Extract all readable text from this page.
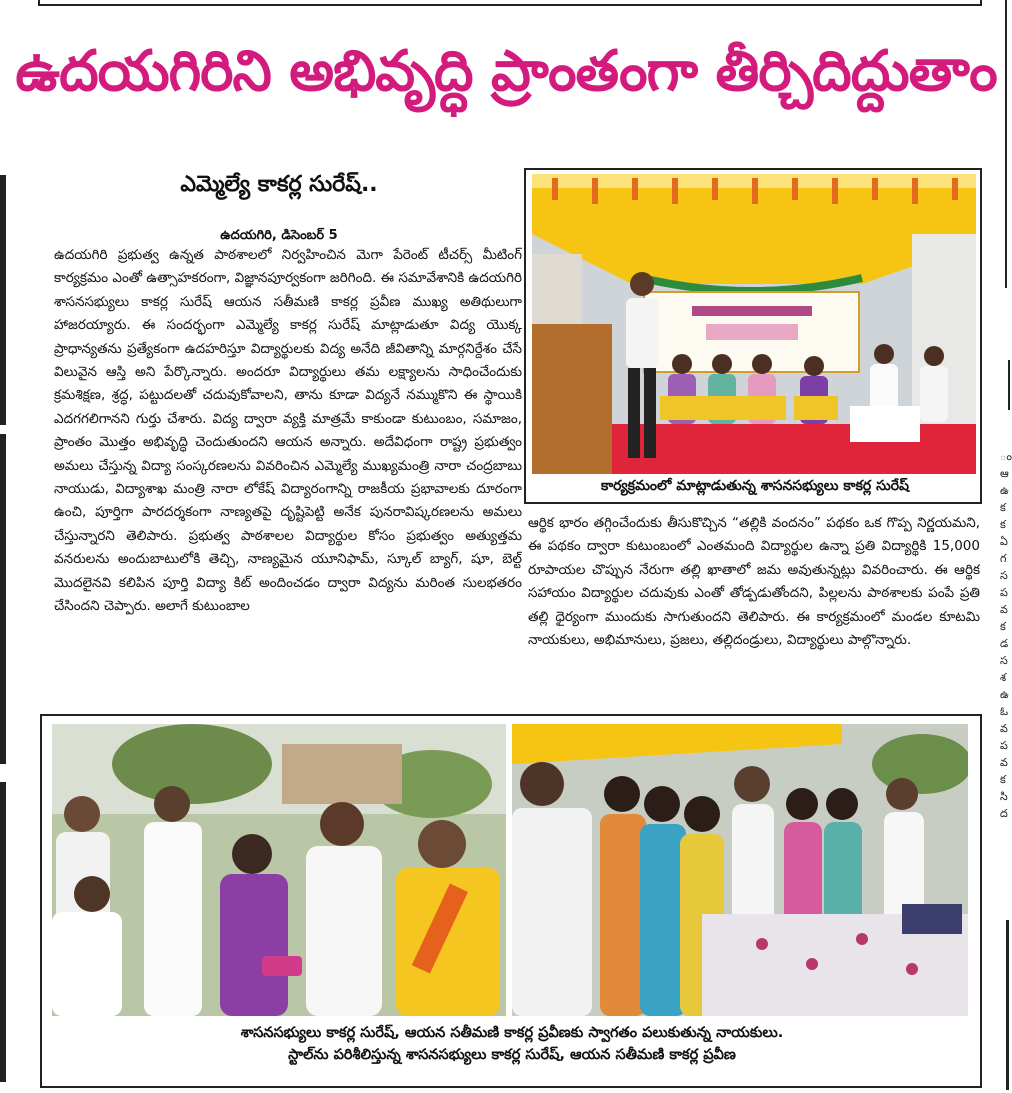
ం ఆ ఉ క క ఏ గ స ప వ క డ స శ ఉ ఓ వ ప వ క సి ద
ఉదయగిరిని అభివృద్ధి ప్రాంతంగా తీర్చిదిద్దుతాం
ఎమ్మెల్యే కాకర్ల సురేష్..
ఉదయగిరి, డిసెంబర్ 5
ఉదయగిరి ప్రభుత్వ ఉన్నత పాఠశాలలో నిర్వహించిన మెగా పేరెంట్ టీచర్స్ మీటింగ్ కార్యక్రమం ఎంతో ఉత్సాహకరంగా, విజ్ఞానపూర్వకంగా జరిగింది. ఈ సమావేశానికి ఉదయగిరి శాసనసభ్యులు కాకర్ల సురేష్ ఆయన సతీమణి కాకర్ల ప్రవీణ ముఖ్య అతిథులుగా హాజరయ్యారు. ఈ సందర్భంగా ఎమ్మెల్యే కాకర్ల సురేష్ మాట్లాడుతూ విద్య యొక్క ప్రాధాన్యతను ప్రత్యేకంగా ఉదహరిస్తూ విద్యార్థులకు విద్య అనేది జీవితాన్ని మార్గనిర్దేశం చేసే విలువైన ఆస్తి అని పేర్కొన్నారు. అందరూ విద్యార్థులు తమ లక్ష్యాలను సాధించేందుకు క్రమశిక్షణ, శ్రద్ధ, పట్టుదలతో చదువుకోవాలని, తాను కూడా విద్యనే నమ్ముకొని ఈ స్థాయికి ఎదగగలిగానని గుర్తు చేశారు. విద్య ద్వారా వ్యక్తి మాత్రమే కాకుండా కుటుంబం, సమాజం, ప్రాంతం మొత్తం అభివృద్ధి చెందుతుందని ఆయన అన్నారు. అదేవిధంగా రాష్ట్ర ప్రభుత్వం అమలు చేస్తున్న విద్యా సంస్కరణలను వివరించిన ఎమ్మెల్యే ముఖ్యమంత్రి నారా చంద్రబాబు నాయుడు, విద్యాశాఖ మంత్రి నారా లోకేష్ విద్యారంగాన్ని రాజకీయ ప్రభావాలకు దూరంగా ఉంచి, పూర్తిగా పారదర్శకంగా నాణ్యతపై దృష్టిపెట్టి అనేక పునరావిష్కరణలను అమలు చేస్తున్నారని తెలిపారు. ప్రభుత్వ పాఠశాలల విద్యార్థుల కోసం ప్రభుత్వం అత్యుత్తమ వనరులను అందుబాటులోకి తెచ్చి, నాణ్యమైన యూనిఫామ్, స్కూల్ బ్యాగ్, షూ, బెల్ట్ మొదలైనవి కలిపిన పూర్తి విద్యా కిట్ అందించడం ద్వారా విద్యను మరింత సులభతరం చేసిందని చెప్పారు. అలాగే కుటుంబాల
కార్యక్రమంలో మాట్లాడుతున్న శాసనసభ్యులు కాకర్ల సురేష్
ఆర్థిక భారం తగ్గించేందుకు తీసుకొచ్చిన “తల్లికి వందనం” పథకం ఒక గొప్ప నిర్ణయమని, ఈ పథకం ద్వారా కుటుంబంలో ఎంతమంది విద్యార్థుల ఉన్నా ప్రతి విద్యార్థికి 15,000 రూపాయల చొప్పున నేరుగా తల్లి ఖాతాలో జమ అవుతున్నట్లు వివరించారు. ఈ ఆర్థిక సహాయం విద్యార్థుల చదువుకు ఎంతో తోడ్పడుతోందని, పిల్లలను పాఠశాలకు పంపే ప్రతి తల్లి ధైర్యంగా ముందుకు సాగుతుందని తెలిపారు. ఈ కార్యక్రమంలో మండల కూటమి నాయకులు, అభిమానులు, ప్రజలు, తల్లిదండ్రులు, విద్యార్థులు పాల్గొన్నారు.
శాసనసభ్యులు కాకర్ల సురేష్, ఆయన సతీమణి కాకర్ల ప్రవీణకు స్వాగతం పలుకుతున్న నాయకులు.
స్టాల్‌ను పరిశీలిస్తున్న శాసనసభ్యులు కాకర్ల సురేష్, ఆయన సతీమణి కాకర్ల ప్రవీణ
